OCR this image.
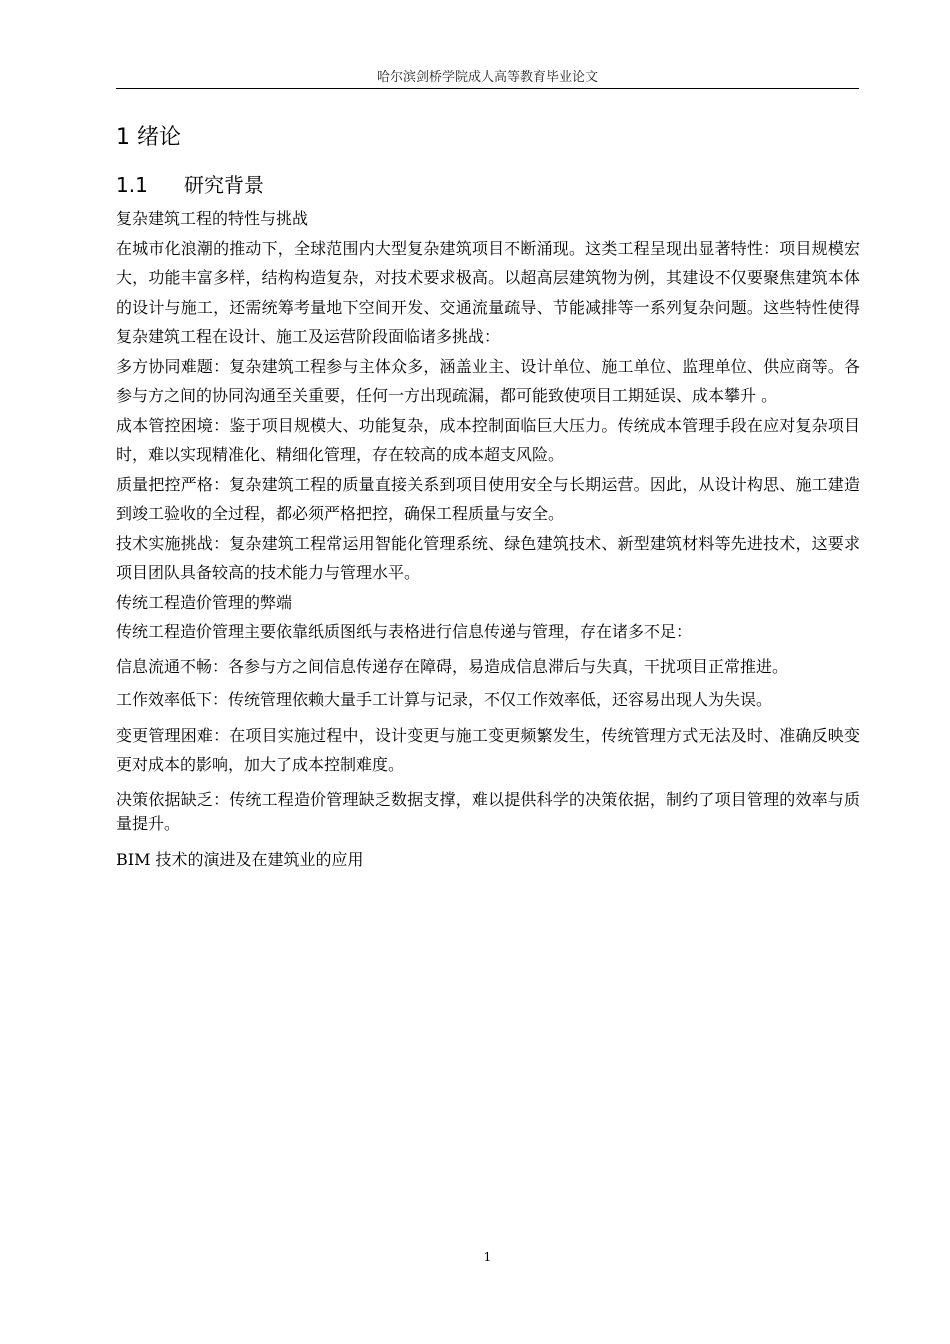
哈尔滨剑桥学院成人高等教育毕业论文
1 绪论
1.1	研究背景

复杂建筑工程的特性与挑战

在城市化浪潮的推动下，全球范围内大型复杂建筑项目不断涌现。这类工程呈现出显著特性：项目规模宏大，功能丰富多样，结构构造复杂，对技术要求极高。以超高层建筑物为例，其建设不仅要聚焦建筑本体的设计与施工，还需统筹考量地下空间开发、交通流量疏导、节能减排等一系列复杂问题。这些特性使得复杂建筑工程在设计、施工及运营阶段面临诸多挑战：

多方协同难题：复杂建筑工程参与主体众多，涵盖业主、设计单位、施工单位、监理单位、供应商等。各参与方之间的协同沟通至关重要，任何一方出现疏漏，都可能致使项目工期延误、成本攀升 。

成本管控困境：鉴于项目规模大、功能复杂，成本控制面临巨大压力。传统成本管理手段在应对复杂项目时，难以实现精准化、精细化管理，存在较高的成本超支风险。

质量把控严格：复杂建筑工程的质量直接关系到项目使用安全与长期运营。因此，从设计构思、施工建造到竣工验收的全过程，都必须严格把控，确保工程质量与安全。

技术实施挑战：复杂建筑工程常运用智能化管理系统、绿色建筑技术、新型建筑材料等先进技术，这要求项目团队具备较高的技术能力与管理水平。

传统工程造价管理的弊端

传统工程造价管理主要依靠纸质图纸与表格进行信息传递与管理，存在诸多不足：

信息流通不畅：各参与方之间信息传递存在障碍，易造成信息滞后与失真，干扰项目正常推进。

工作效率低下：传统管理依赖大量手工计算与记录，不仅工作效率低，还容易出现人为失误。

变更管理困难：在项目实施过程中，设计变更与施工变更频繁发生，传统管理方式无法及时、准确反映变更对成本的影响，加大了成本控制难度。

决策依据缺乏：传统工程造价管理缺乏数据支撑，难以提供科学的决策依据，制约了项目管理的效率与质量提升。

BIM 技术的演进及在建筑业的应用

1
